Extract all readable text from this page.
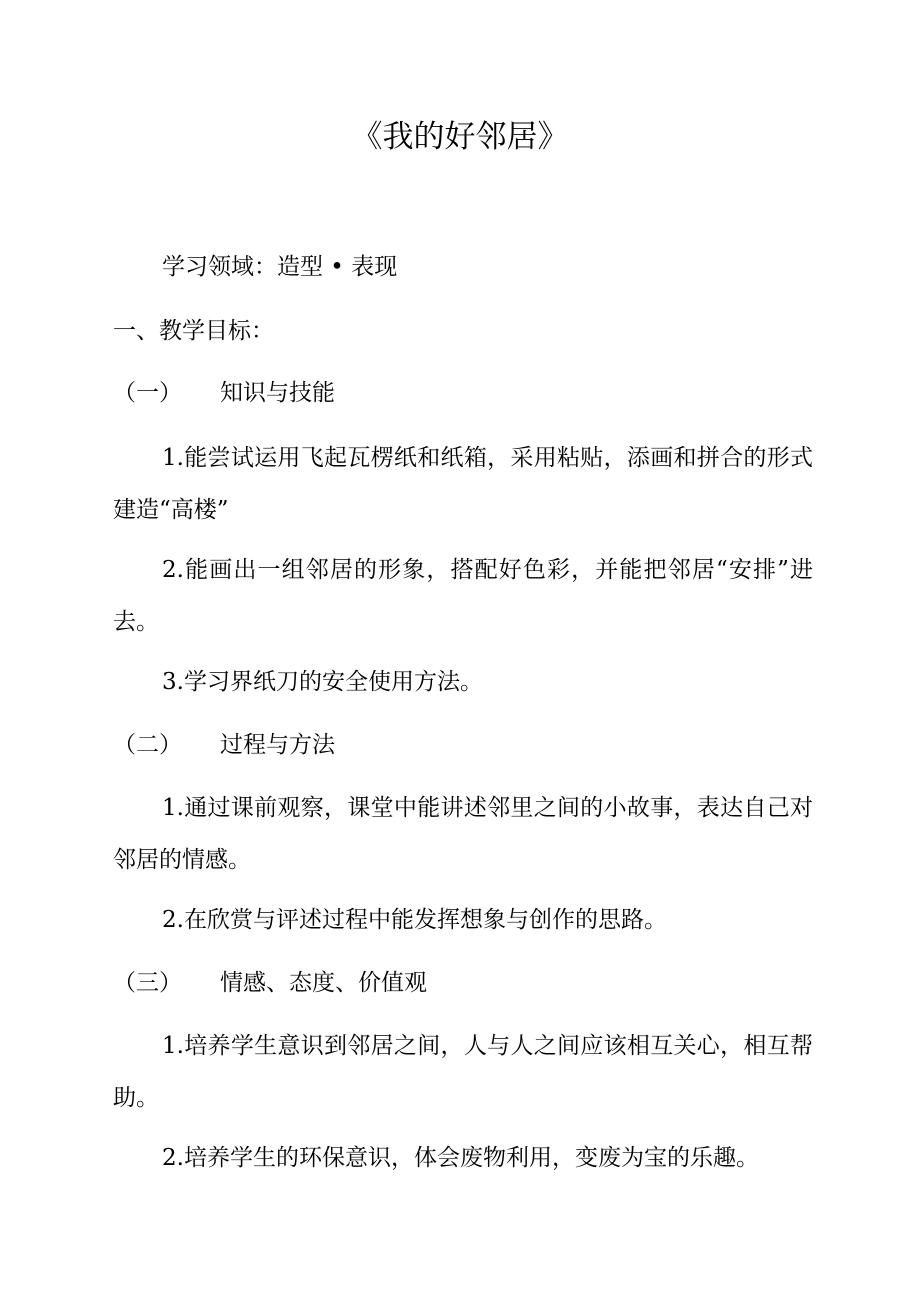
《我的好邻居》
学习领域：造型 • 表现
一、教学目标：
（一） 知识与技能
1.能尝试运用飞起瓦楞纸和纸箱，采用粘贴，添画和拼合的形式建造“高楼”
2.能画出一组邻居的形象，搭配好色彩，并能把邻居“安排”进去。
3.学习界纸刀的安全使用方法。
（二） 过程与方法
1.通过课前观察，课堂中能讲述邻里之间的小故事，表达自己对邻居的情感。
2.在欣赏与评述过程中能发挥想象与创作的思路。
（三） 情感、态度、价值观
1.培养学生意识到邻居之间，人与人之间应该相互关心，相互帮助。
2.培养学生的环保意识，体会废物利用，变废为宝的乐趣。
